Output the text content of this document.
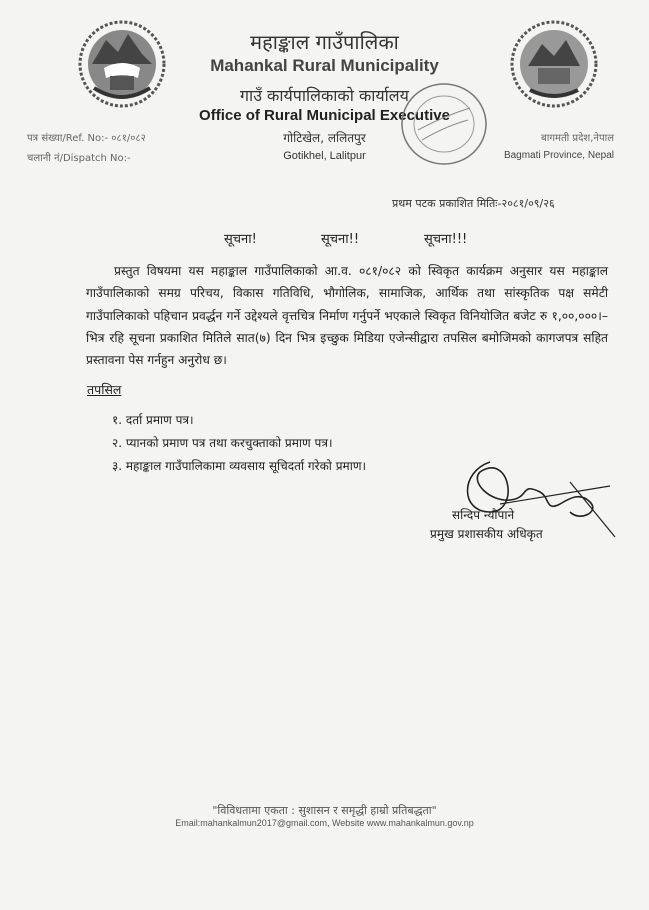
महाङ्काल गाउँपालिका
Mahankal Rural Municipality
गाउँ कार्यपालिकाको कार्यालय
Office of Rural Municipal Executive
गोटिखेल, ललितपुर
Gotikhel, Lalitpur
पत्र संख्या/Ref. No:- ०८१/०८२
चलानी नं/Dispatch No:-
बागमती प्रदेश,नेपाल
Bagmati Province, Nepal
प्रथम पटक प्रकाशित मितिः-२०८१/०९/२६
सूचना!	सूचना!!	सूचना!!!
प्रस्तुत विषयमा यस महाङ्काल गाउँपालिकाको आ.व. ०८१/०८२ को स्विकृत कार्यक्रम अनुसार यस महाङ्काल गाउँपालिकाको समग्र परिचय, विकास गतिविधि, भौगोलिक, सामाजिक, आर्थिक तथा सांस्कृतिक पक्ष समेटी गाउँपालिकाको पहिचान प्रवर्द्धन गर्ने उद्देश्यले वृत्तचित्र निर्माण गर्नुपर्ने भएकाले स्विकृत विनियोजित बजेट रु १,००,०००।– भित्र रहि सूचना प्रकाशित मितिले सात(७) दिन भित्र इच्छुक मिडिया एजेन्सीद्वारा तपसिल बमोजिमको कागजपत्र सहित प्रस्तावना पेस गर्नहुन अनुरोध छ।
तपसिल
१. दर्ता प्रमाण पत्र।
२. प्यानको प्रमाण पत्र तथा करचुक्ताको प्रमाण पत्र।
३. महाङ्काल गाउँपालिकामा व्यवसाय सूचिदर्ता गरेको प्रमाण।
सन्दिप न्यौपाने
प्रमुख प्रशासकीय अधिकृत
"विविधतामा एकता : सुशासन र समृद्धी हाम्रो प्रतिबद्धता"
Email:mahankalmun2017@gmail.com, Website www.mahankalmun.gov.np
